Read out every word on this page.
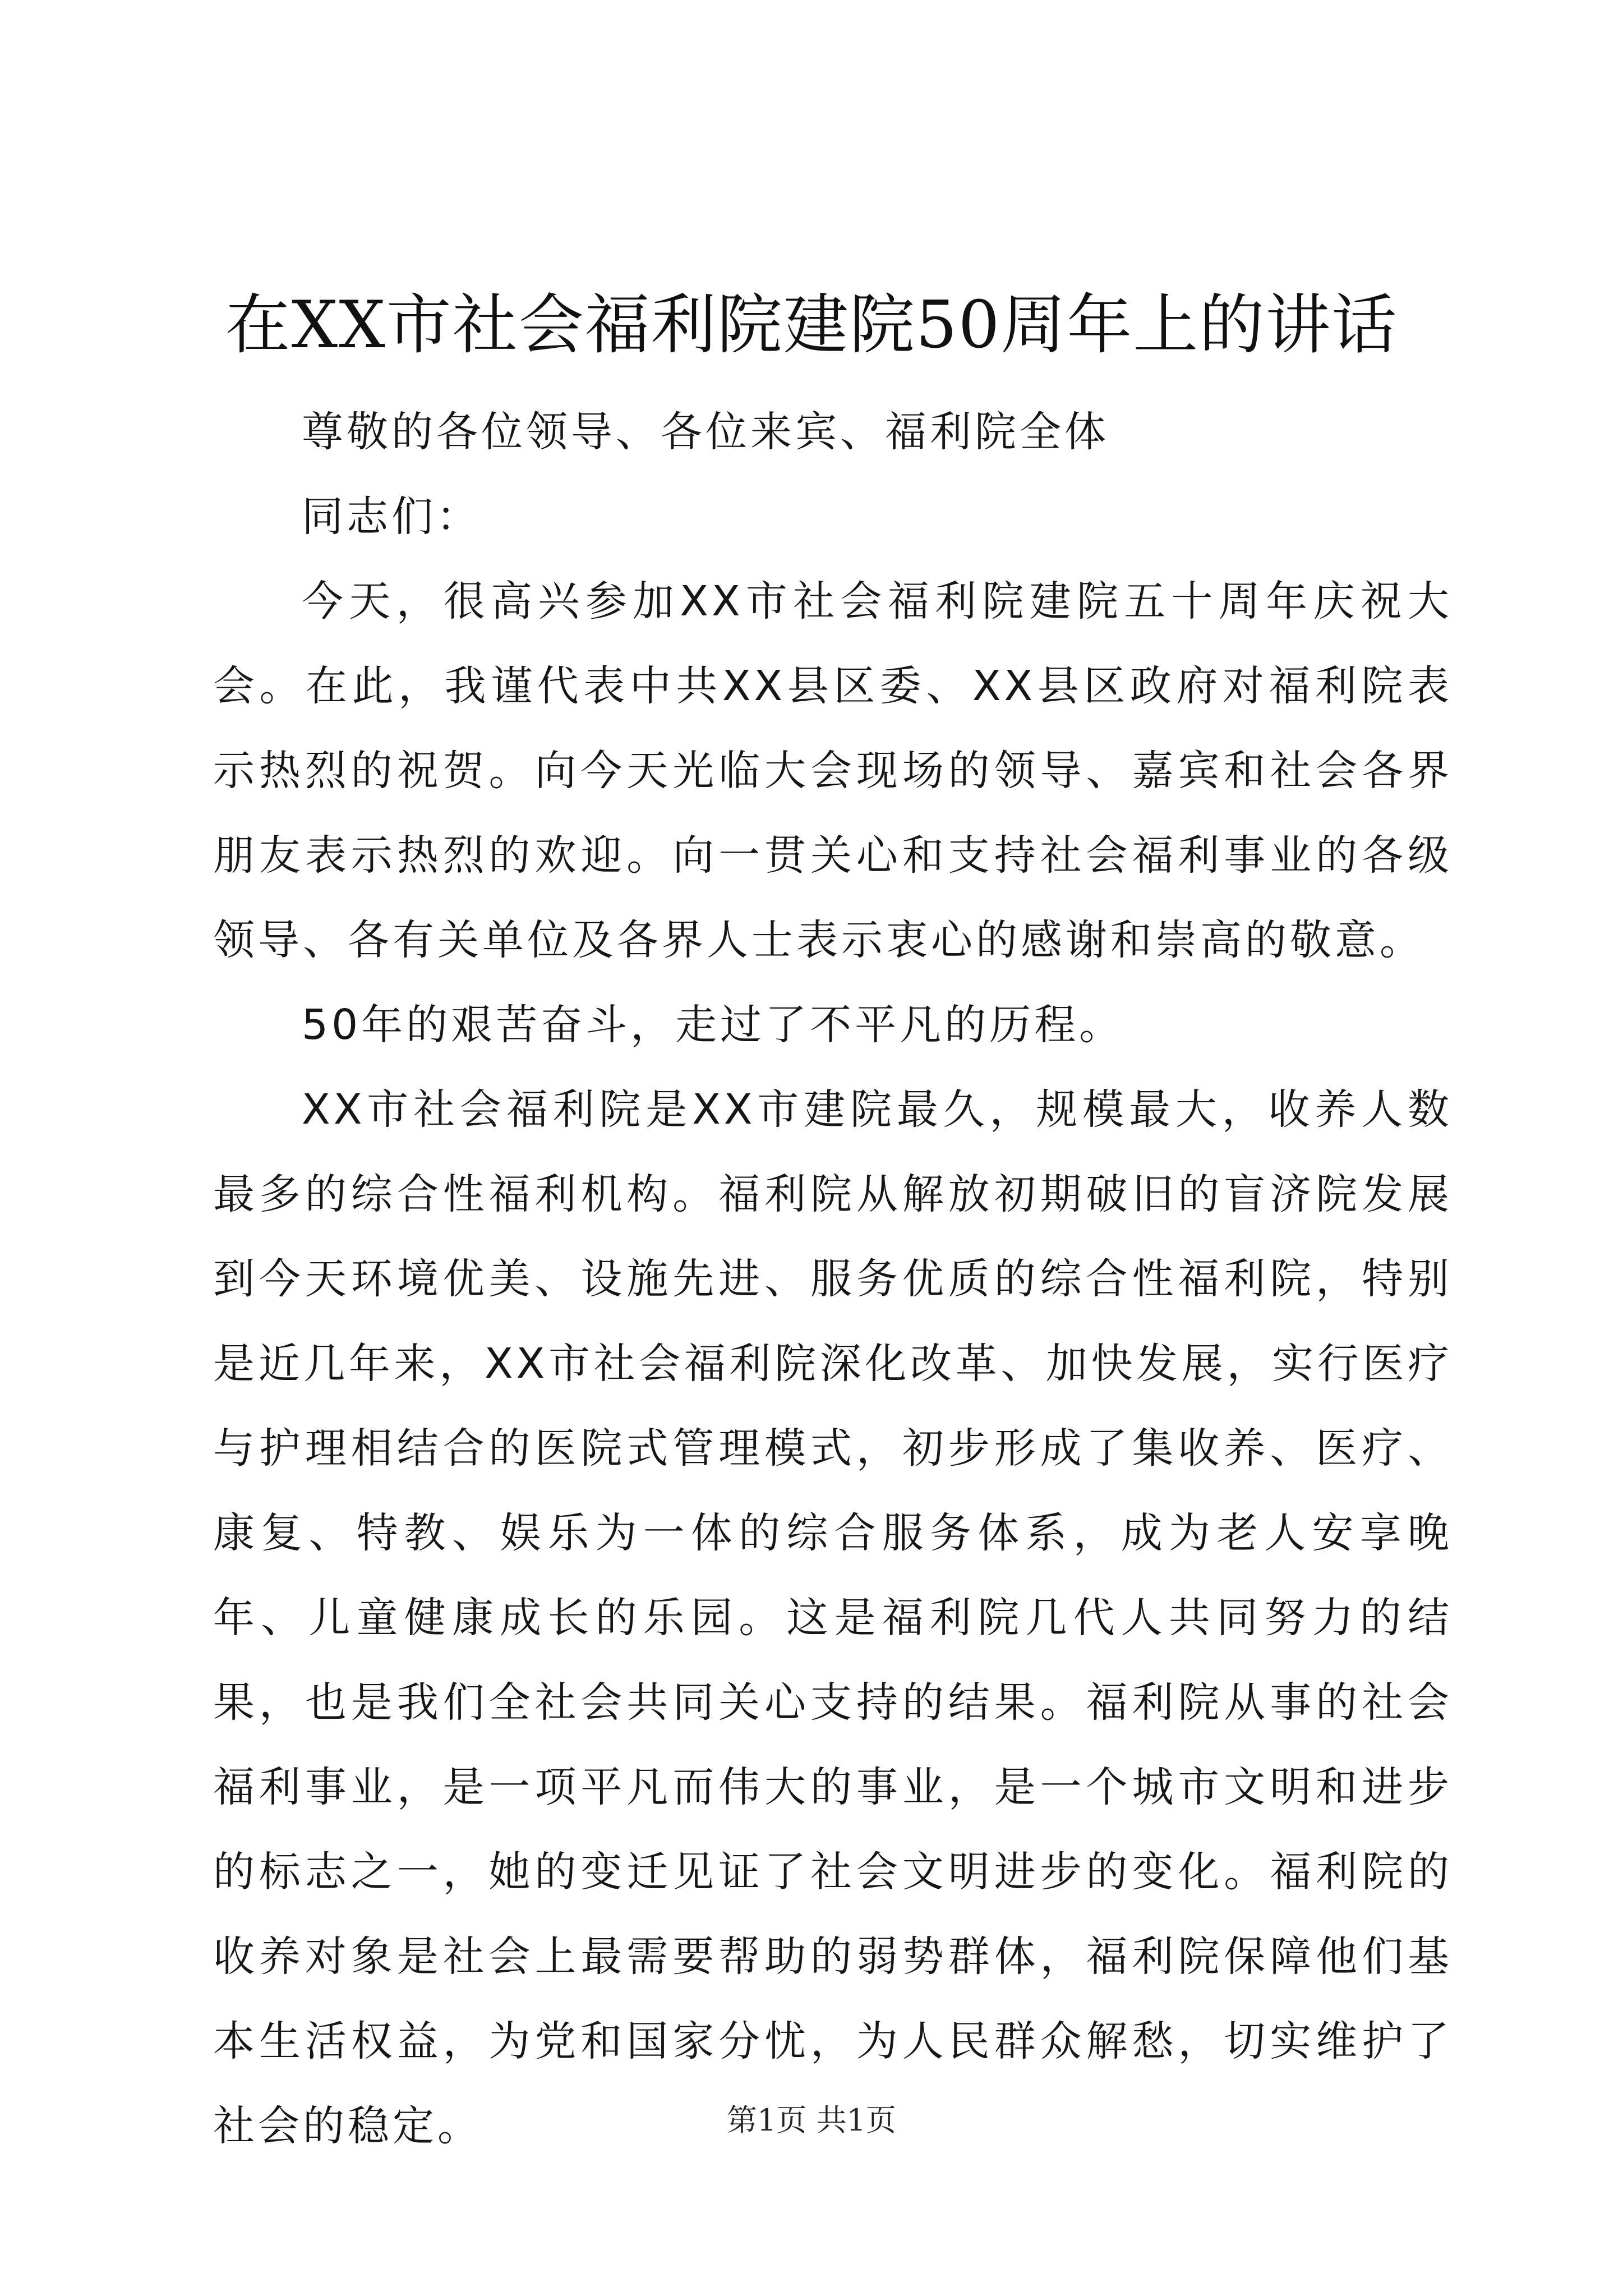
在XX市社会福利院建院50周年上的讲话

尊敬的各位领导、各位来宾、福利院全体

同志们：

今天，很高兴参加XX市社会福利院建院五十周年庆祝大会。在此，我谨代表中共XX县区委、XX县区政府对福利院表示热烈的祝贺。向今天光临大会现场的领导、嘉宾和社会各界朋友表示热烈的欢迎。向一贯关心和支持社会福利事业的各级领导、各有关单位及各界人士表示衷心的感谢和崇高的敬意。

50年的艰苦奋斗，走过了不平凡的历程。

XX市社会福利院是XX市建院最久，规模最大，收养人数最多的综合性福利机构。福利院从解放初期破旧的盲济院发展到今天环境优美、设施先进、服务优质的综合性福利院，特别是近几年来，XX市社会福利院深化改革、加快发展，实行医疗与护理相结合的医院式管理模式，初步形成了集收养、医疗、康复、特教、娱乐为一体的综合服务体系，成为老人安享晚年、儿童健康成长的乐园。这是福利院几代人共同努力的结果，也是我们全社会共同关心支持的结果。福利院从事的社会福利事业，是一项平凡而伟大的事业，是一个城市文明和进步的标志之一，她的变迁见证了社会文明进步的变化。福利院的收养对象是社会上最需要帮助的弱势群体，福利院保障他们基本生活权益，为党和国家分忧，为人民群众解愁，切实维护了社会的稳定。	第1页 共1页
